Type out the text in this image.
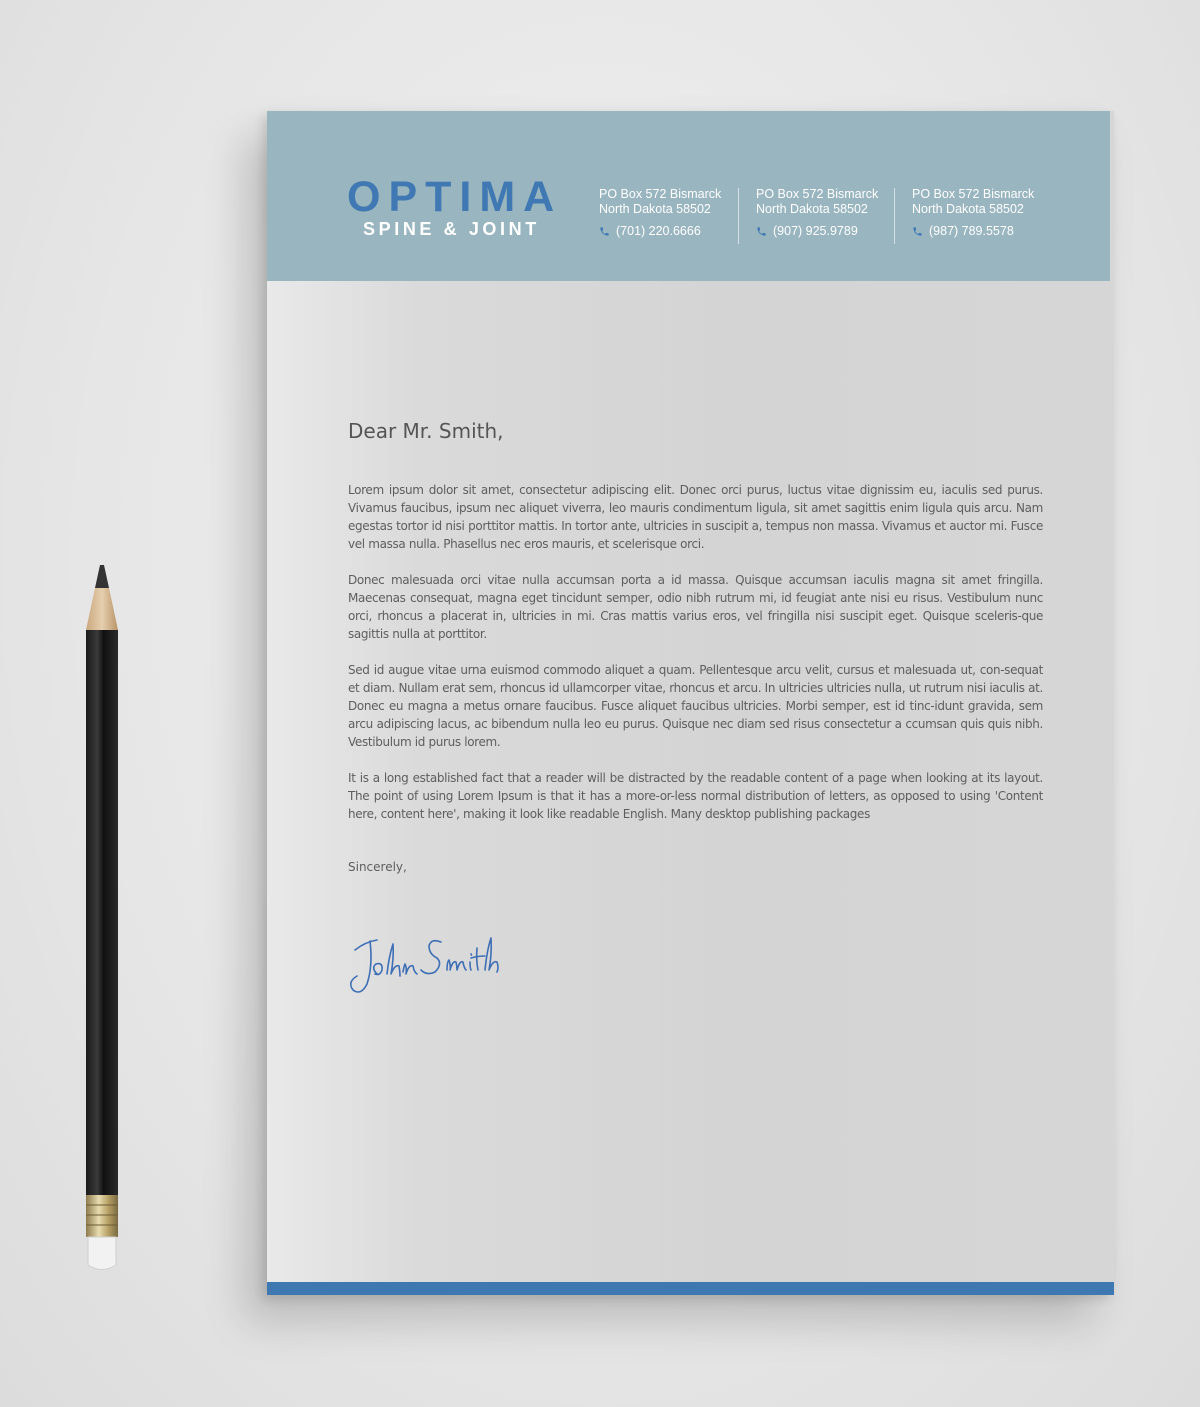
OPTIMA
SPINE & JOINT
PO Box 572 Bismarck
North Dakota 58502
(701) 220.6666
PO Box 572 Bismarck
North Dakota 58502
(907) 925.9789
PO Box 572 Bismarck
North Dakota 58502
(987) 789.5578
Dear Mr. Smith,

Lorem ipsum dolor sit amet, consectetur adipiscing elit. Donec orci purus, luctus vitae dignissim eu, iaculis sed purus. Vivamus faucibus, ipsum nec aliquet viverra, leo mauris condimentum ligula, sit amet sagittis enim ligula quis arcu. Nam egestas tortor id nisi porttitor mattis. In tortor ante, ultricies in suscipit a, tempus non massa. Vivamus et auctor mi. Fusce vel massa nulla. Phasellus nec eros mauris, et scelerisque orci.

Donec malesuada orci vitae nulla accumsan porta a id massa. Quisque accumsan iaculis magna sit amet fringilla. Maecenas consequat, magna eget tincidunt semper, odio nibh rutrum mi, id feugiat ante nisi eu risus. Vestibulum nunc orci, rhoncus a placerat in, ultricies in mi. Cras mattis varius eros, vel fringilla nisi suscipit eget. Quisque sceleris-que sagittis nulla at porttitor.

Sed id augue vitae urna euismod commodo aliquet a quam. Pellentesque arcu velit, cursus et malesuada ut, con-sequat et diam. Nullam erat sem, rhoncus id ullamcorper vitae, rhoncus et arcu. In ultricies ultricies nulla, ut rutrum nisi iaculis at. Donec eu magna a metus ornare faucibus. Fusce aliquet faucibus ultricies. Morbi semper, est id tinc-idunt gravida, sem arcu adipiscing lacus, ac bibendum nulla leo eu purus. Quisque nec diam sed risus consectetur a ccumsan quis quis nibh. Vestibulum id purus lorem.

It is a long established fact that a reader will be distracted by the readable content of a page when looking at its layout. The point of using Lorem Ipsum is that it has a more-or-less normal distribution of letters, as opposed to using 'Content here, content here', making it look like readable English. Many desktop publishing packages

Sincerely,
